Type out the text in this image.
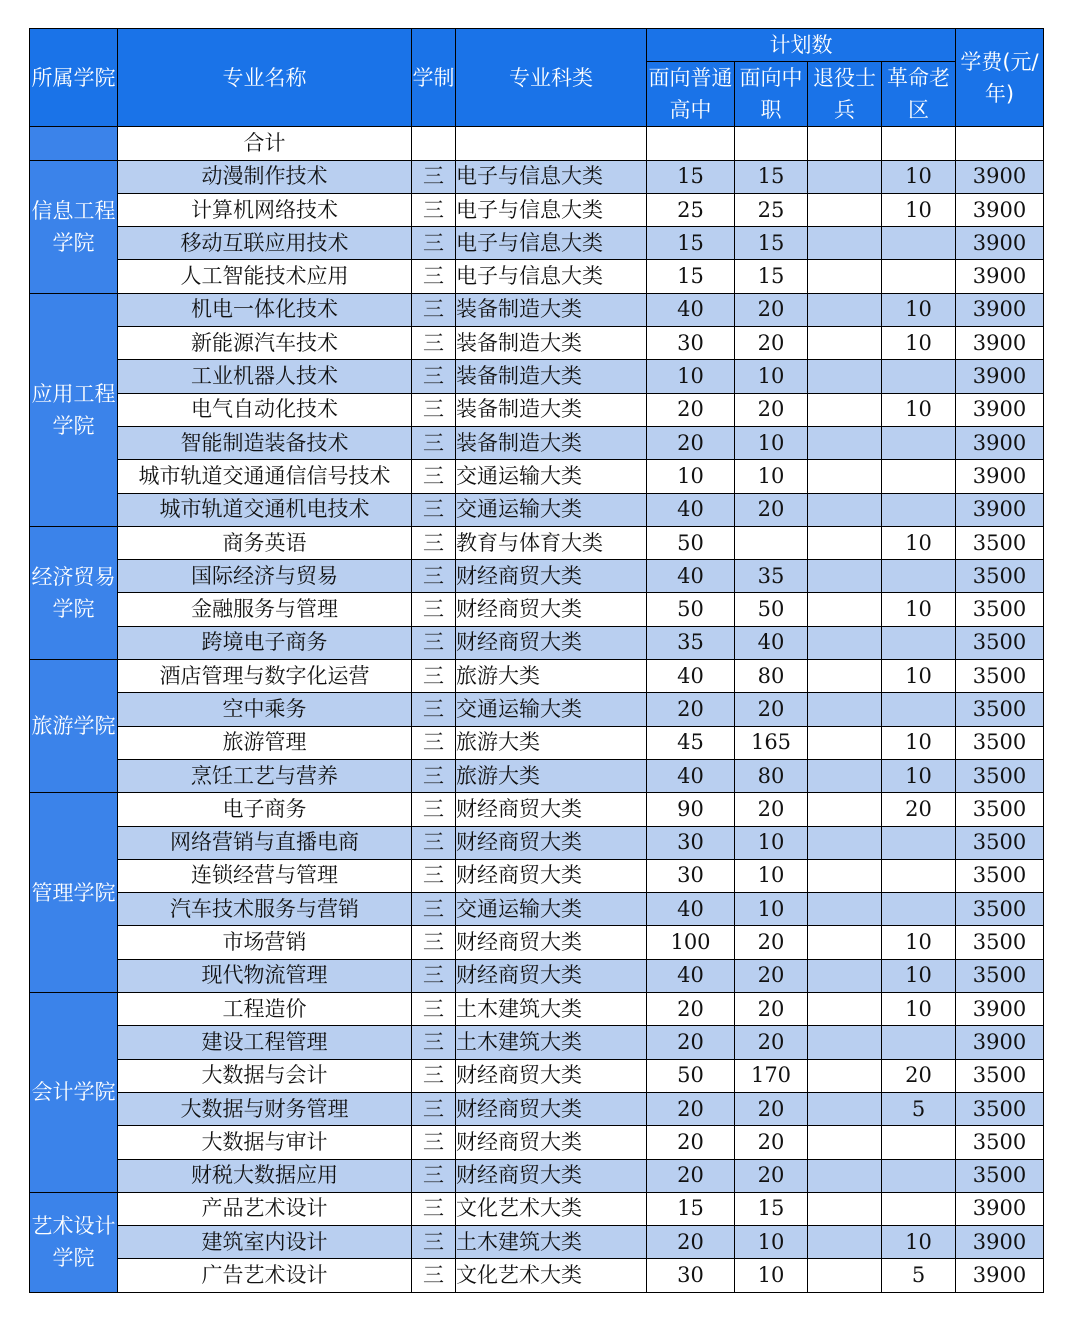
所属学院	专业名称	学制	专业科类	计划数				学费(元/年)
				面向普通高中	面向中职	退役士兵	革命老区	
	合计							
信息工程学院	动漫制作技术	三	电子与信息大类	15	15		10	3900
	计算机网络技术	三	电子与信息大类	25	25		10	3900
	移动互联应用技术	三	电子与信息大类	15	15			3900
	人工智能技术应用	三	电子与信息大类	15	15			3900
应用工程学院	机电一体化技术	三	装备制造大类	40	20		10	3900
	新能源汽车技术	三	装备制造大类	30	20		10	3900
	工业机器人技术	三	装备制造大类	10	10			3900
	电气自动化技术	三	装备制造大类	20	20		10	3900
	智能制造装备技术	三	装备制造大类	20	10			3900
	城市轨道交通通信信号技术	三	交通运输大类	10	10			3900
	城市轨道交通机电技术	三	交通运输大类	40	20			3900
经济贸易学院	商务英语	三	教育与体育大类	50			10	3500
	国际经济与贸易	三	财经商贸大类	40	35			3500
	金融服务与管理	三	财经商贸大类	50	50		10	3500
	跨境电子商务	三	财经商贸大类	35	40			3500
旅游学院	酒店管理与数字化运营	三	旅游大类	40	80		10	3500
	空中乘务	三	交通运输大类	20	20			3500
	旅游管理	三	旅游大类	45	165		10	3500
	烹饪工艺与营养	三	旅游大类	40	80		10	3500
管理学院	电子商务	三	财经商贸大类	90	20		20	3500
	网络营销与直播电商	三	财经商贸大类	30	10			3500
	连锁经营与管理	三	财经商贸大类	30	10			3500
	汽车技术服务与营销	三	交通运输大类	40	10			3500
	市场营销	三	财经商贸大类	100	20		10	3500
	现代物流管理	三	财经商贸大类	40	20		10	3500
会计学院	工程造价	三	土木建筑大类	20	20		10	3900
	建设工程管理	三	土木建筑大类	20	20			3900
	大数据与会计	三	财经商贸大类	50	170		20	3500
	大数据与财务管理	三	财经商贸大类	20	20		5	3500
	大数据与审计	三	财经商贸大类	20	20			3500
	财税大数据应用	三	财经商贸大类	20	20			3500
艺术设计学院	产品艺术设计	三	文化艺术大类	15	15			3900
	建筑室内设计	三	土木建筑大类	20	10		10	3900
	广告艺术设计	三	文化艺术大类	30	10		5	3900
